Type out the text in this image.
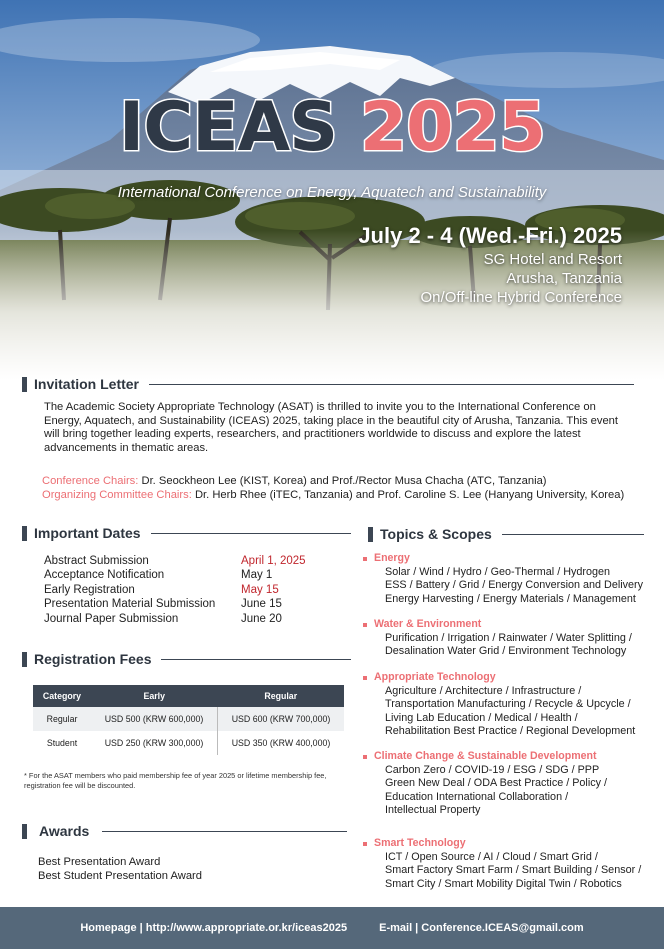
ICEAS 2025
International Conference on Energy, Aquatech and Sustainability
July 2 - 4 (Wed.-Fri.) 2025
SG Hotel and Resort
Arusha, Tanzania
On/Off-line Hybrid Conference
Invitation Letter
The Academic Society Appropriate Technology (ASAT) is thrilled to invite you to the International Conference on Energy, Aquatech, and Sustainability (ICEAS) 2025, taking place in the beautiful city of Arusha, Tanzania. This event will bring together leading experts, researchers, and practitioners worldwide to discuss and explore the latest advancements in thematic areas.
Conference Chairs: Dr. Seockheon Lee (KIST, Korea) and Prof./Rector Musa Chacha (ATC, Tanzania)
Organizing Committee Chairs: Dr. Herb Rhee (iTEC, Tanzania) and Prof. Caroline S. Lee (Hanyang University, Korea)
Important Dates
Abstract Submission	April 1, 2025
Acceptance Notification	May 1
Early Registration	May 15
Presentation Material Submission	June 15
Journal Paper Submission	June 20
Registration Fees
Category	Early	Regular
Regular	USD 500 (KRW 600,000)	USD 600 (KRW 700,000)
Student	USD 250 (KRW 300,000)	USD 350 (KRW 400,000)
* For the ASAT members who paid membership fee of year 2025 or lifetime membership fee, registration fee will be discounted.
Awards
Best Presentation Award
Best Student Presentation Award
Topics & Scopes
Energy
Solar / Wind / Hydro / Geo-Thermal / Hydrogen
ESS / Battery / Grid / Energy Conversion and Delivery
Energy Harvesting / Energy Materials / Management
Water & Environment
Purification / Irrigation / Rainwater / Water Splitting /
Desalination Water Grid / Environment Technology
Appropriate Technology
Agriculture / Architecture / Infrastructure /
Transportation Manufacturing / Recycle & Upcycle /
Living Lab Education / Medical / Health /
Rehabilitation Best Practice / Regional Development
Climate Change & Sustainable Development
Carbon Zero / COVID-19 / ESG / SDG / PPP
Green New Deal / ODA Best Practice / Policy /
Education International Collaboration /
Intellectual Property
Smart Technology
ICT / Open Source / AI / Cloud / Smart Grid /
Smart Factory Smart Farm / Smart Building / Sensor /
Smart City / Smart Mobility Digital Twin / Robotics
Homepage | http://www.appropriate.or.kr/iceas2025	E-mail | Conference.ICEAS@gmail.com
